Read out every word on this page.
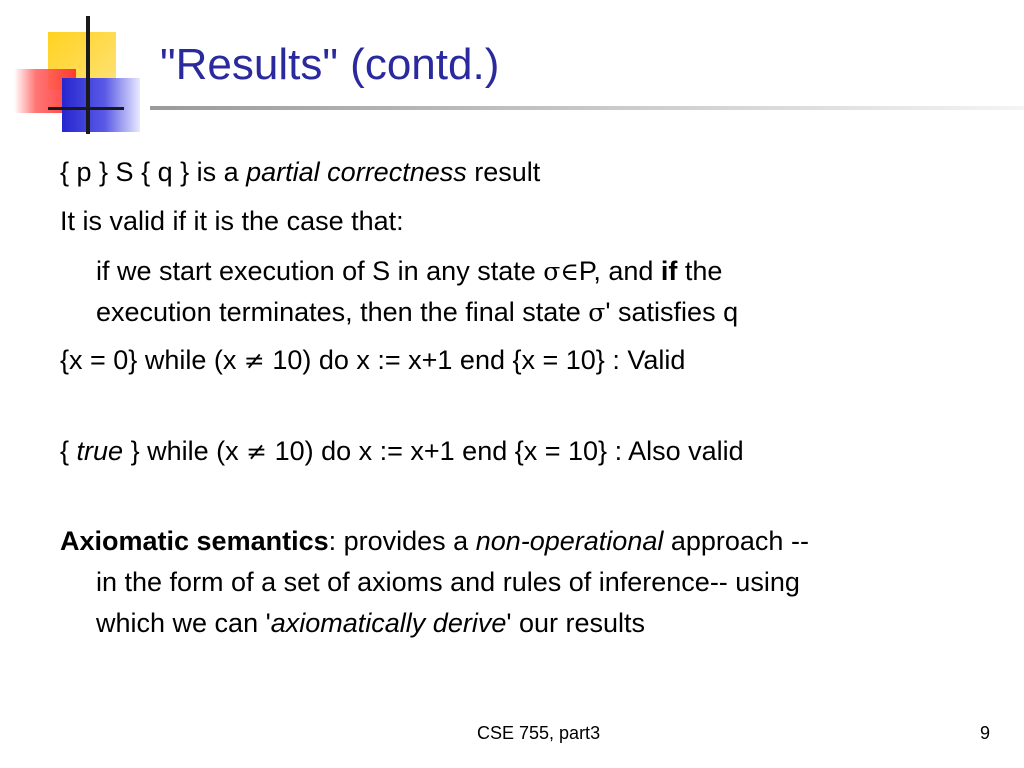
"Results" (contd.)
{ p } S { q } is a partial correctness result
It is valid if it is the case that:
if we start execution of S in any state σ∈P, and if the
execution terminates, then the final state σ' satisfies q
{x = 0} while (x ≠ 10) do x := x+1 end {x = 10} : Valid
{ true } while (x ≠ 10) do x := x+1 end {x = 10} : Also valid
Axiomatic semantics: provides a non-operational approach --
in the form of a set of axioms and rules of inference-- using
which we can 'axiomatically derive' our results
CSE 755, part3	9
